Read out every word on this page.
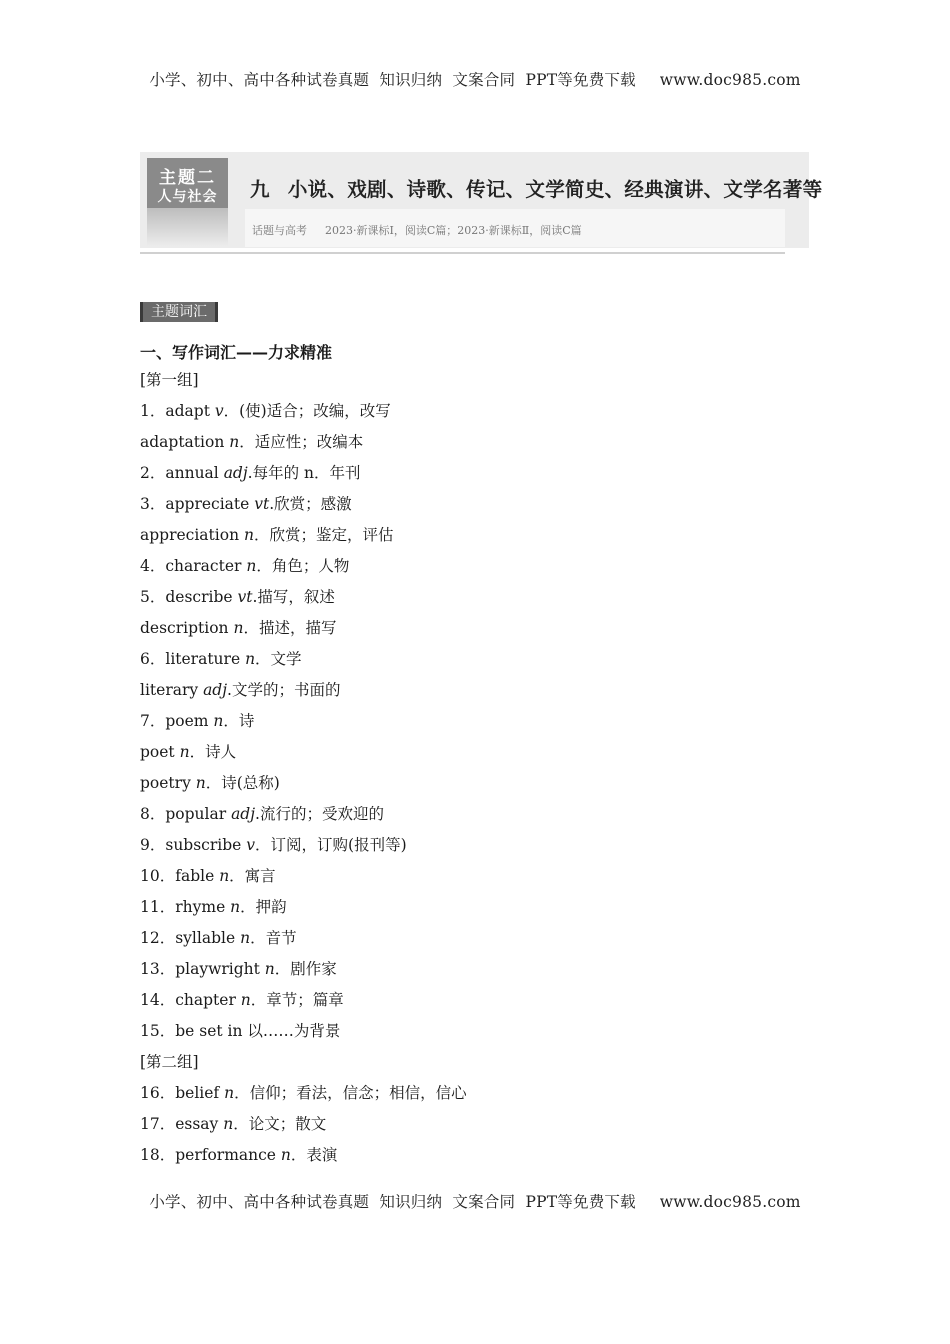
小学、初中、高中各种试卷真题  知识归纳  文案合同  PPT等免费下载 www.doc985.com
主题二
人与社会	九 小说、戏剧、诗歌、传记、文学简史、经典演讲、文学名著等
话题与高考 2023·新课标Ⅰ，阅读C篇；2023·新课标Ⅱ，阅读C篇
主题词汇
一、写作词汇——力求精准
[第一组]
1．adapt v．(使)适合；改编，改写
adaptation n．适应性；改编本
2．annual adj.每年的 n．年刊
3．appreciate vt.欣赏；感激
appreciation n．欣赏；鉴定，评估
4．character n．角色；人物
5．describe vt.描写，叙述
description n．描述，描写
6．literature n．文学
literary adj.文学的；书面的
7．poem n．诗
poet n．诗人
poetry n．诗(总称)
8．popular adj.流行的；受欢迎的
9．subscribe v．订阅，订购(报刊等)
10．fable n．寓言
11．rhyme n．押韵
12．syllable n．音节
13．playwright n．剧作家
14．chapter n．章节；篇章
15．be set in 以……为背景
[第二组]
16．belief n．信仰；看法，信念；相信，信心
17．essay n．论文；散文
18．performance n．表演
小学、初中、高中各种试卷真题  知识归纳  文案合同  PPT等免费下载 www.doc985.com
